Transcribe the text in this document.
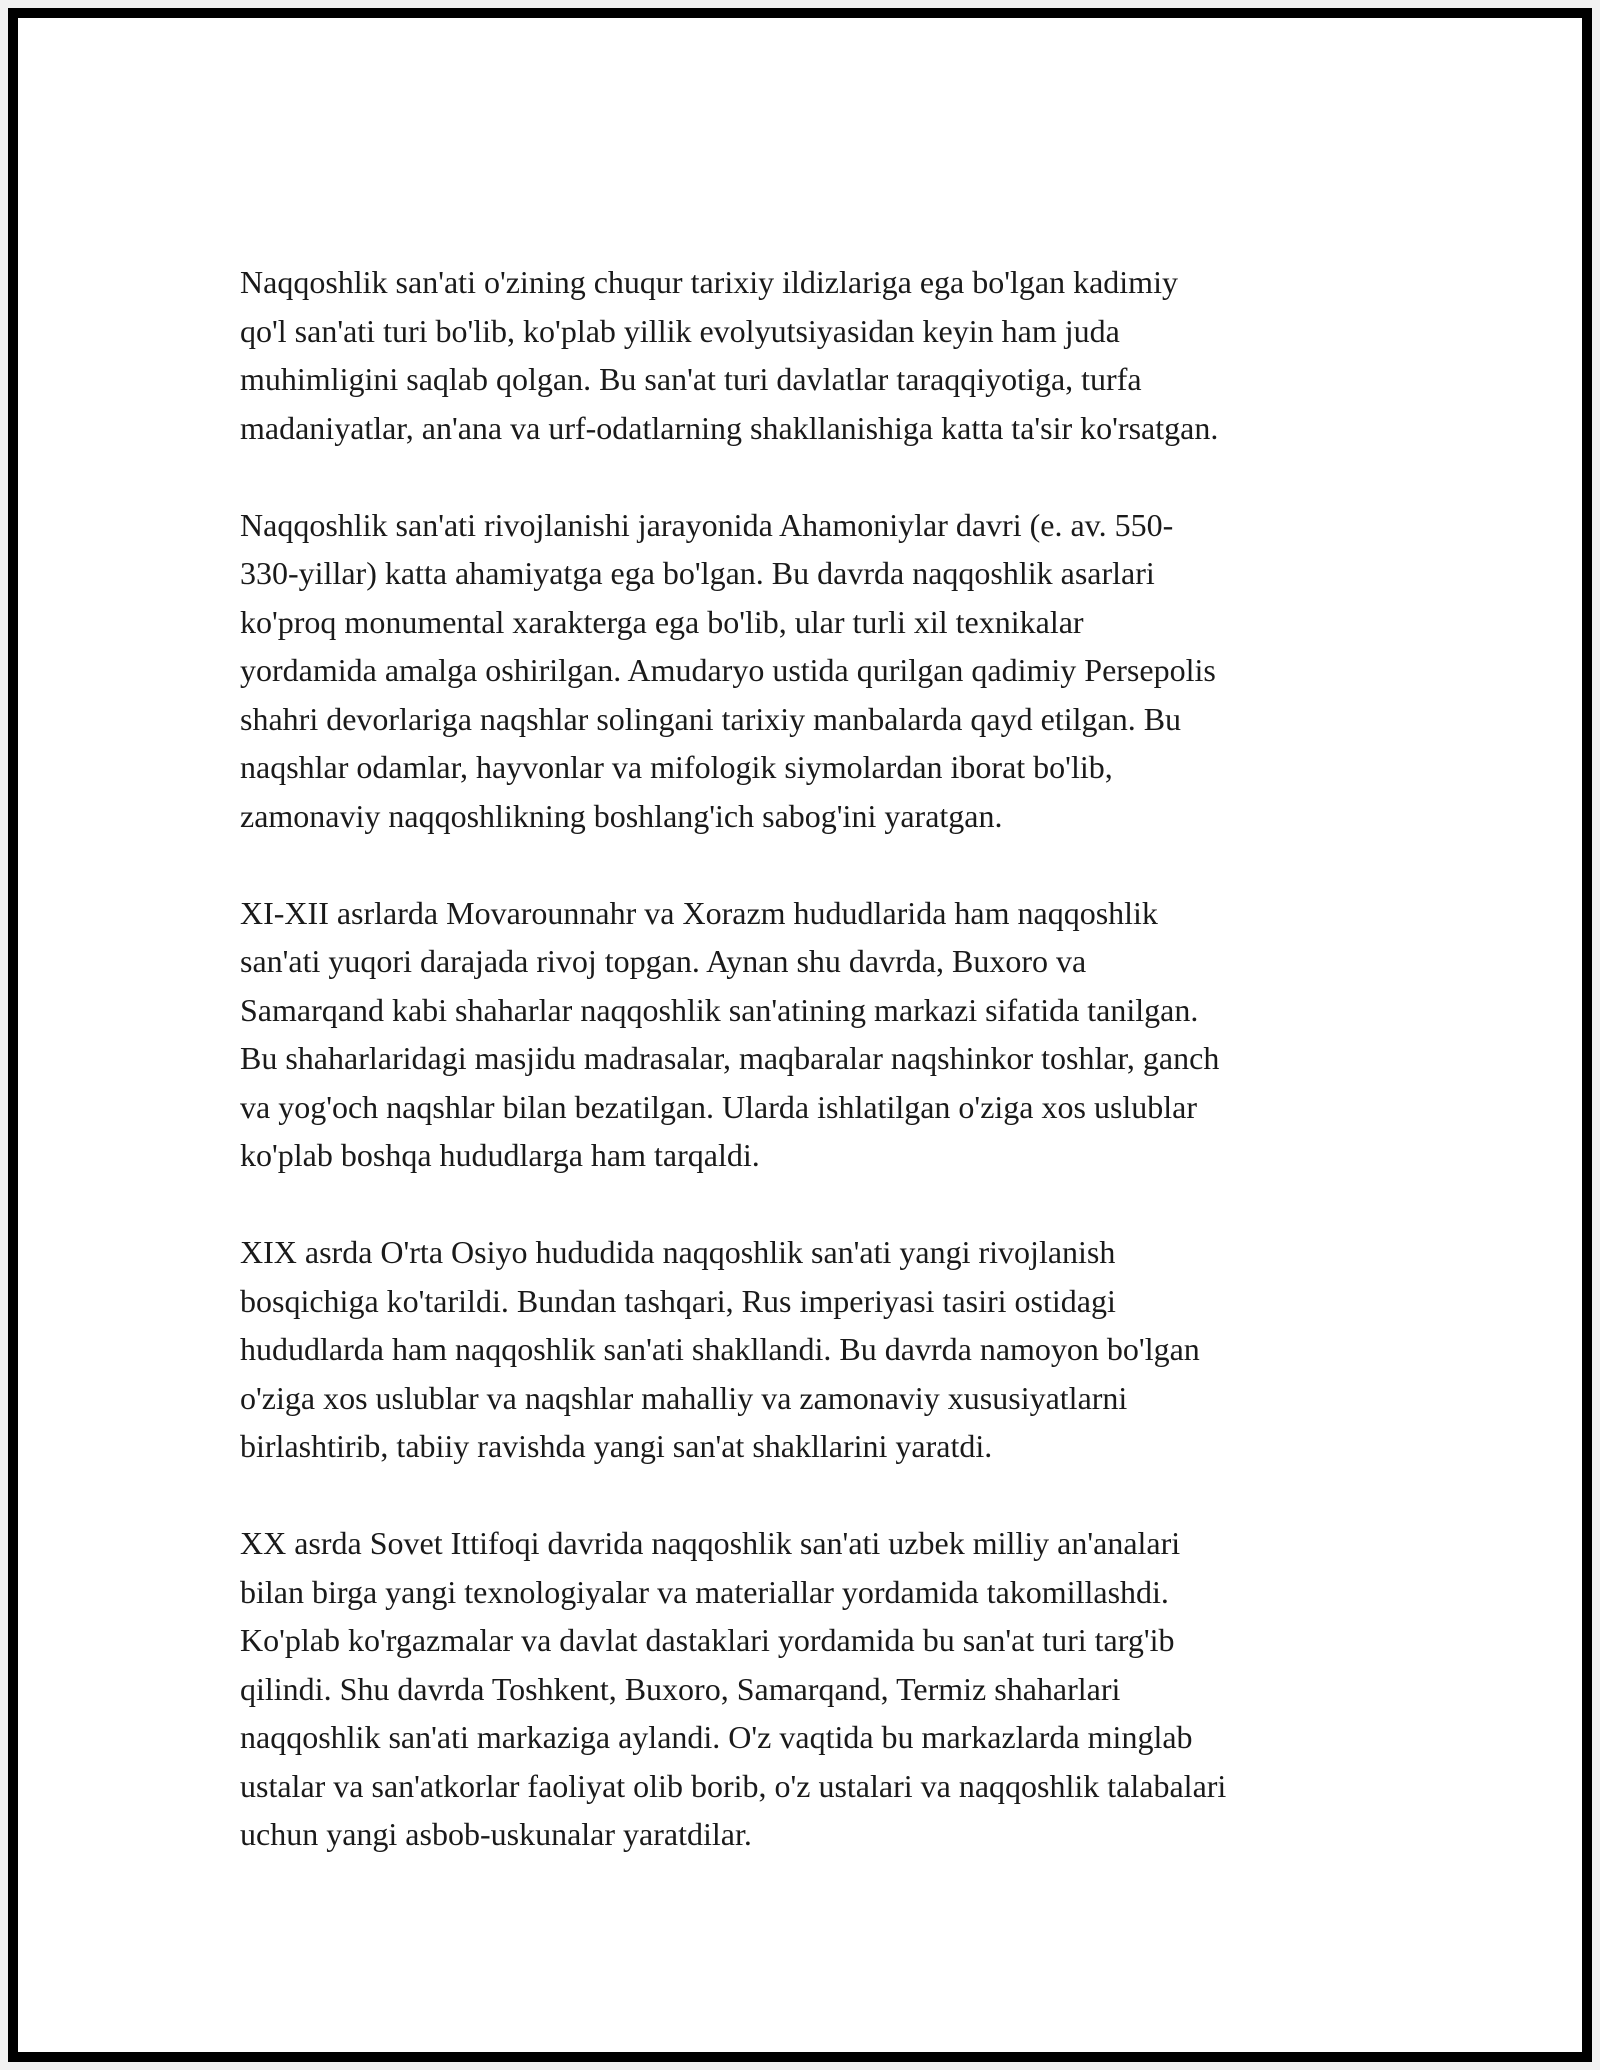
Naqqoshlik san'ati o'zining chuqur tarixiy ildizlariga ega bo'lgan kadimiy
qo'l san'ati turi bo'lib, ko'plab yillik evolyutsiyasidan keyin ham juda
muhimligini saqlab qolgan. Bu san'at turi davlatlar taraqqiyotiga, turfa
madaniyatlar, an'ana va urf-odatlarning shakllanishiga katta ta'sir ko'rsatgan.

Naqqoshlik san'ati rivojlanishi jarayonida Ahamoniylar davri (e. av. 550-
330-yillar) katta ahamiyatga ega bo'lgan. Bu davrda naqqoshlik asarlari
ko'proq monumental xarakterga ega bo'lib, ular turli xil texnikalar
yordamida amalga oshirilgan. Amudaryo ustida qurilgan qadimiy Persepolis
shahri devorlariga naqshlar solingani tarixiy manbalarda qayd etilgan. Bu
naqshlar odamlar, hayvonlar va mifologik siymolardan iborat bo'lib,
zamonaviy naqqoshlikning boshlang'ich sabog'ini yaratgan.

XI-XII asrlarda Movarounnahr va Xorazm hududlarida ham naqqoshlik
san'ati yuqori darajada rivoj topgan. Aynan shu davrda, Buxoro va
Samarqand kabi shaharlar naqqoshlik san'atining markazi sifatida tanilgan.
Bu shaharlaridagi masjidu madrasalar, maqbaralar naqshinkor toshlar, ganch
va yog'och naqshlar bilan bezatilgan. Ularda ishlatilgan o'ziga xos uslublar
ko'plab boshqa hududlarga ham tarqaldi.

XIX asrda O'rta Osiyo hududida naqqoshlik san'ati yangi rivojlanish
bosqichiga ko'tarildi. Bundan tashqari, Rus imperiyasi tasiri ostidagi
hududlarda ham naqqoshlik san'ati shakllandi. Bu davrda namoyon bo'lgan
o'ziga xos uslublar va naqshlar mahalliy va zamonaviy xususiyatlarni
birlashtirib, tabiiy ravishda yangi san'at shakllarini yaratdi.

XX asrda Sovet Ittifoqi davrida naqqoshlik san'ati uzbek milliy an'analari
bilan birga yangi texnologiyalar va materiallar yordamida takomillashdi.
Ko'plab ko'rgazmalar va davlat dastaklari yordamida bu san'at turi targ'ib
qilindi. Shu davrda Toshkent, Buxoro, Samarqand, Termiz shaharlari
naqqoshlik san'ati markaziga aylandi. O'z vaqtida bu markazlarda minglab
ustalar va san'atkorlar faoliyat olib borib, o'z ustalari va naqqoshlik talabalari
uchun yangi asbob-uskunalar yaratdilar.
